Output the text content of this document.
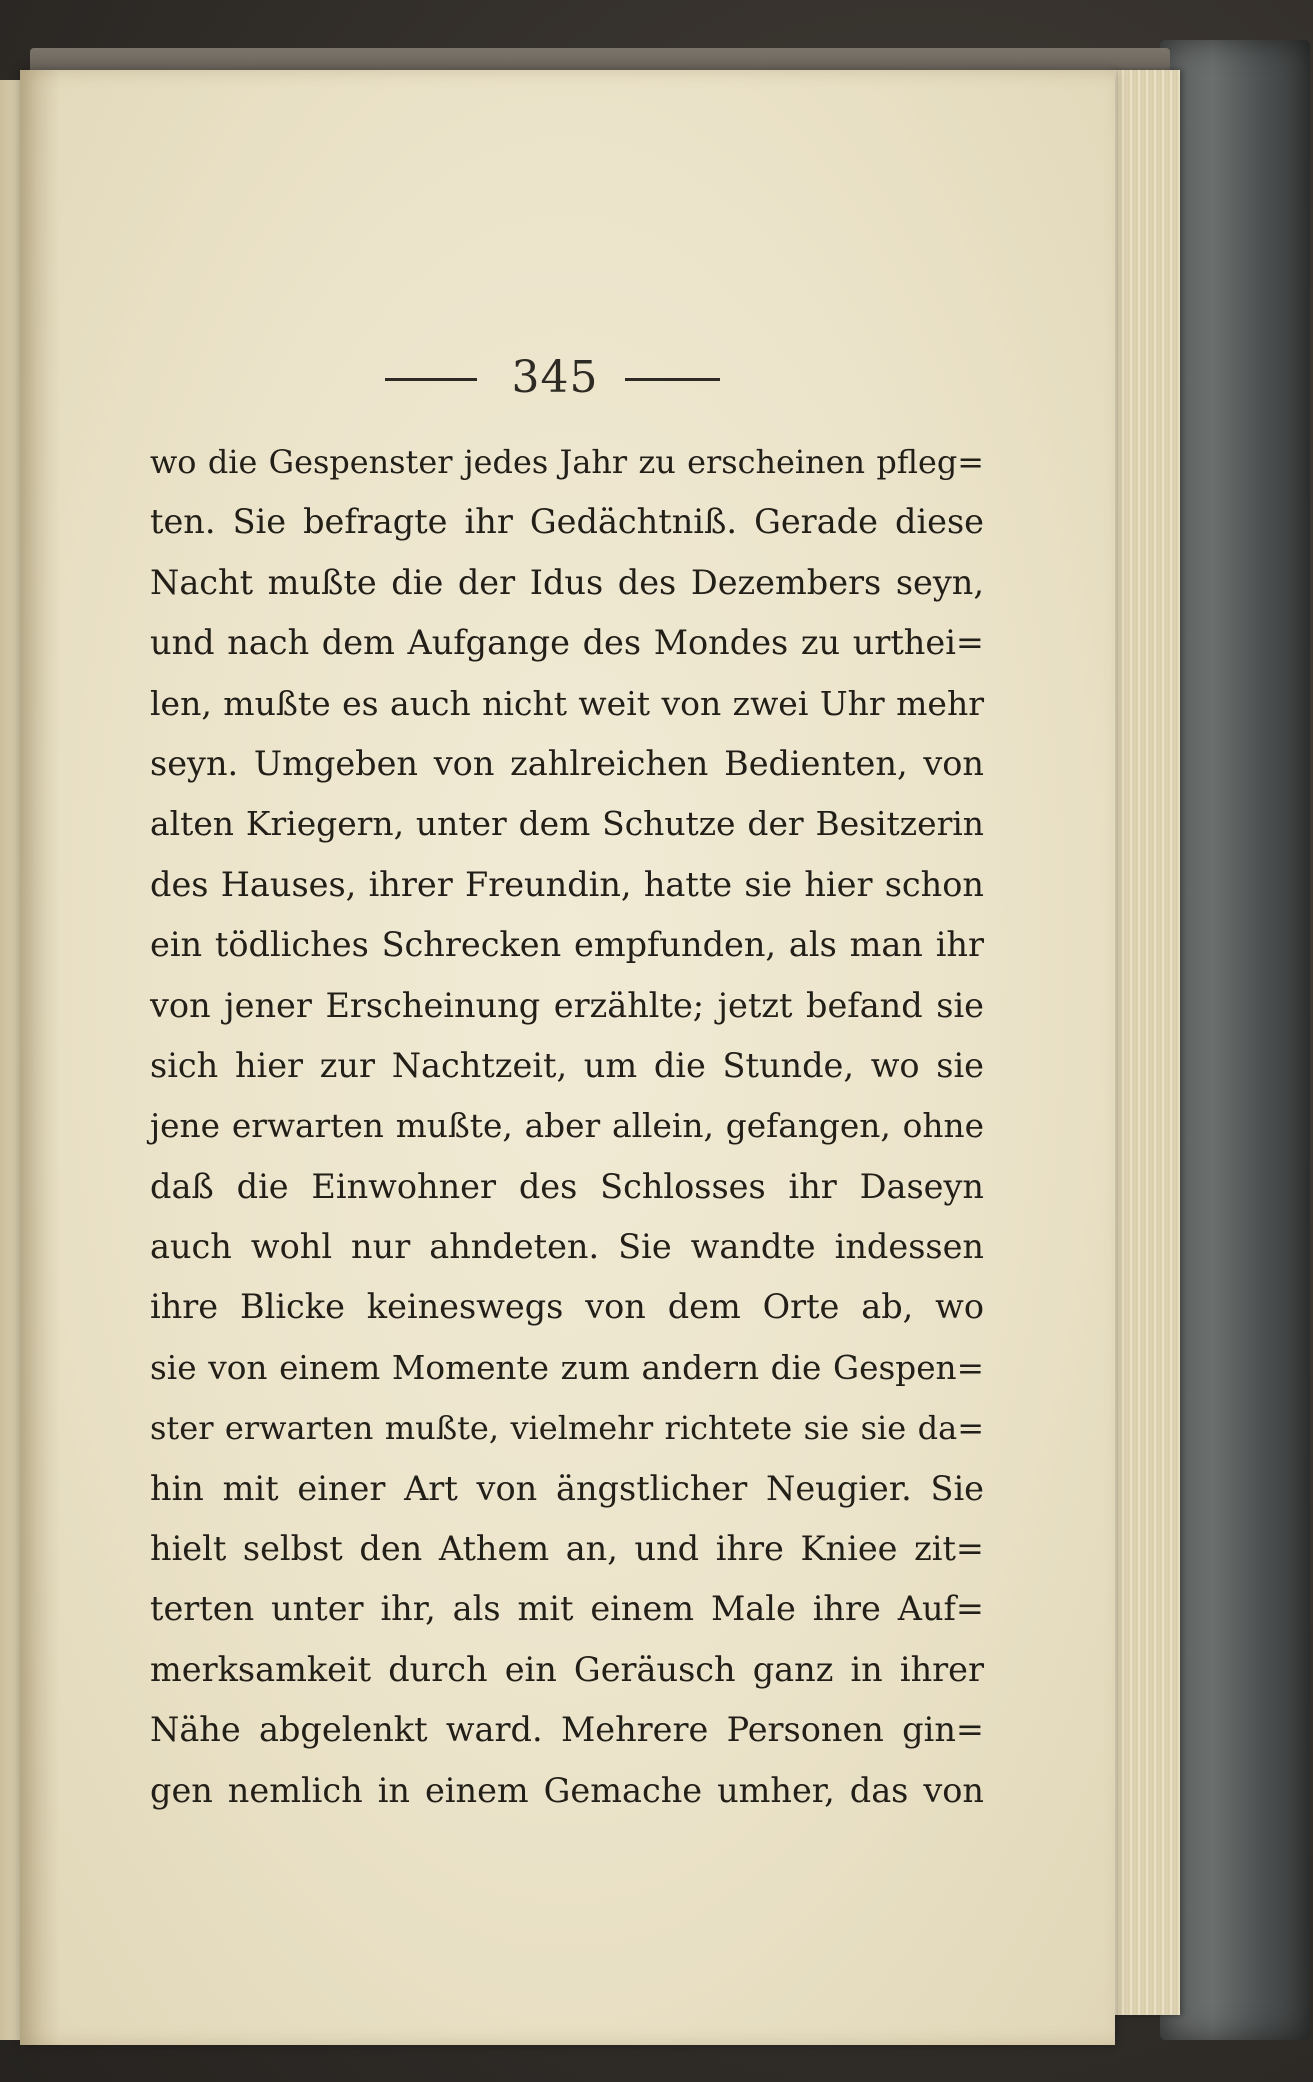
345
wo die Gespenster jedes Jahr zu erscheinen pfleg=
ten. Sie befragte ihr Gedächtniß. Gerade diese
Nacht mußte die der Idus des Dezembers seyn,
und nach dem Aufgange des Mondes zu urthei=
len, mußte es auch nicht weit von zwei Uhr mehr
seyn. Umgeben von zahlreichen Bedienten, von
alten Kriegern, unter dem Schutze der Besitzerin
des Hauses, ihrer Freundin, hatte sie hier schon
ein tödliches Schrecken empfunden, als man ihr
von jener Erscheinung erzählte; jetzt befand sie
sich hier zur Nachtzeit, um die Stunde, wo sie
jene erwarten mußte, aber allein, gefangen, ohne
daß die Einwohner des Schlosses ihr Daseyn
auch wohl nur ahndeten. Sie wandte indessen
ihre Blicke keineswegs von dem Orte ab, wo
sie von einem Momente zum andern die Gespen=
ster erwarten mußte, vielmehr richtete sie sie da=
hin mit einer Art von ängstlicher Neugier. Sie
hielt selbst den Athem an, und ihre Kniee zit=
terten unter ihr, als mit einem Male ihre Auf=
merksamkeit durch ein Geräusch ganz in ihrer
Nähe abgelenkt ward. Mehrere Personen gin=
gen nemlich in einem Gemache umher, das von
